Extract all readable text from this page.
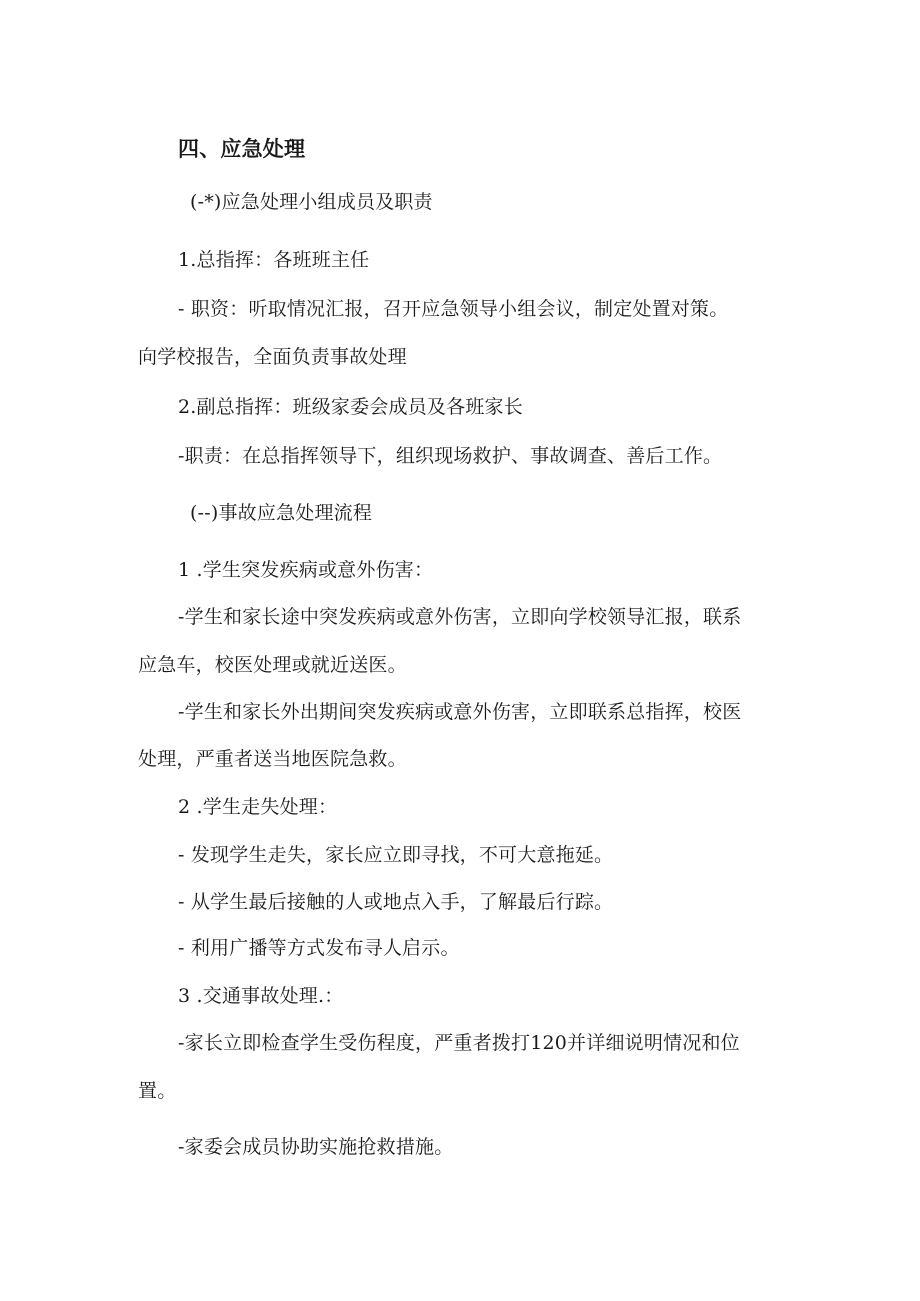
四、应急处理
(-*)应急处理小组成员及职责
1.总指挥：各班班主任
- 职资：听取情况汇报，召开应急领导小组会议，制定处置对策。
向学校报告，全面负责事故处理
2.副总指挥：班级家委会成员及各班家长
-职责：在总指挥领导下，组织现场救护、事故调查、善后工作。
(--)事故应急处理流程
1 .学生突发疾病或意外伤害：
-学生和家长途中突发疾病或意外伤害，立即向学校领导汇报，联系
应急车，校医处理或就近送医。
-学生和家长外出期间突发疾病或意外伤害，立即联系总指挥，校医
处理，严重者送当地医院急救。
2 .学生走失处理：
- 发现学生走失，家长应立即寻找，不可大意拖延。
- 从学生最后接触的人或地点入手，了解最后行踪。
- 利用广播等方式发布寻人启示。
3 .交通事故处理.：
-家长立即检查学生受伤程度，严重者拨打120并详细说明情况和位
置。
-家委会成员协助实施抢救措施。
